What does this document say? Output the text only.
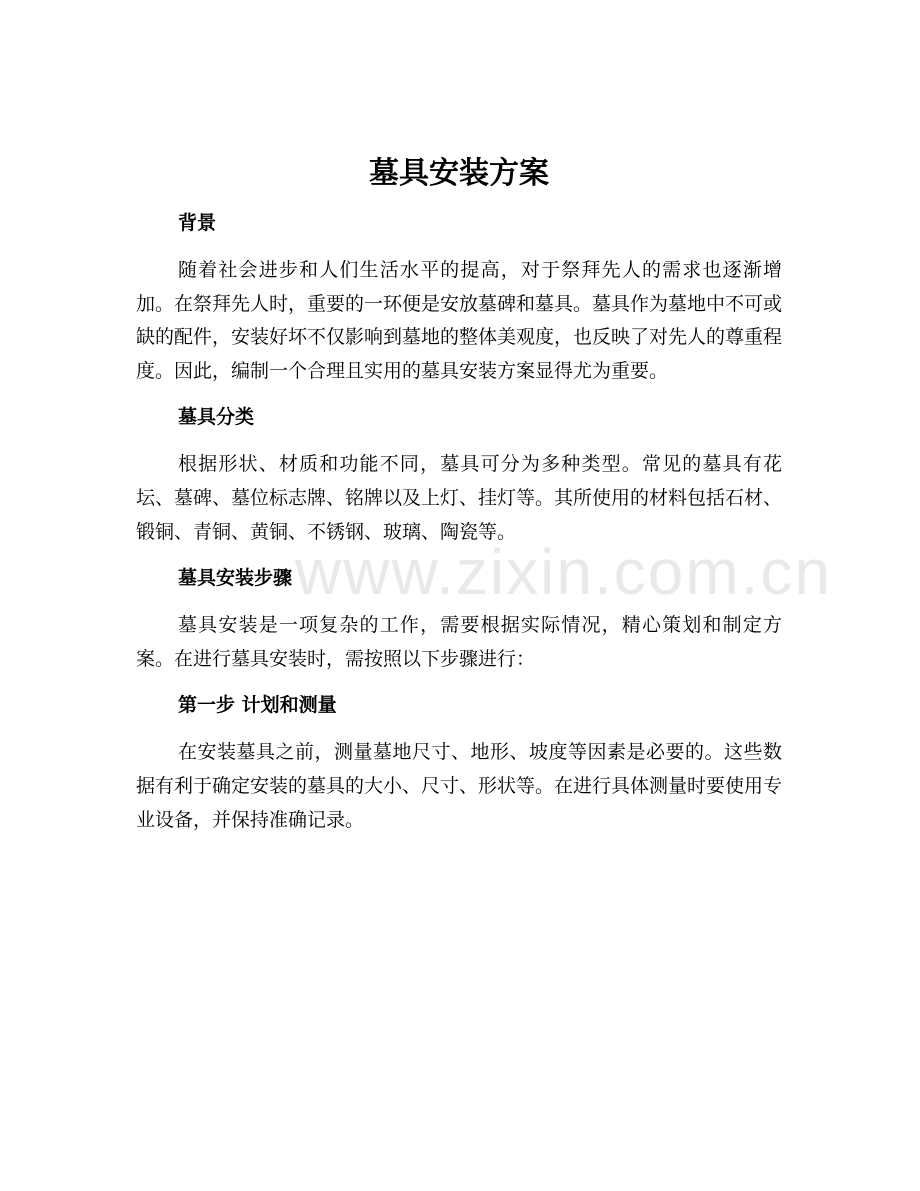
www.zixin.com.cn
墓具安装方案
背景

随着社会进步和人们生活水平的提高，对于祭拜先人的需求也逐渐增加。在祭拜先人时，重要的一环便是安放墓碑和墓具。墓具作为墓地中不可或缺的配件，安装好坏不仅影响到墓地的整体美观度，也反映了对先人的尊重程度。因此，编制一个合理且实用的墓具安装方案显得尤为重要。

墓具分类

根据形状、材质和功能不同，墓具可分为多种类型。常见的墓具有花坛、墓碑、墓位标志牌、铭牌以及上灯、挂灯等。其所使用的材料包括石材、锻铜、青铜、黄铜、不锈钢、玻璃、陶瓷等。

墓具安装步骤

墓具安装是一项复杂的工作，需要根据实际情况，精心策划和制定方案。在进行墓具安装时，需按照以下步骤进行：

第一步 计划和测量

在安装墓具之前，测量墓地尺寸、地形、坡度等因素是必要的。这些数据有利于确定安装的墓具的大小、尺寸、形状等。在进行具体测量时要使用专业设备，并保持准确记录。
